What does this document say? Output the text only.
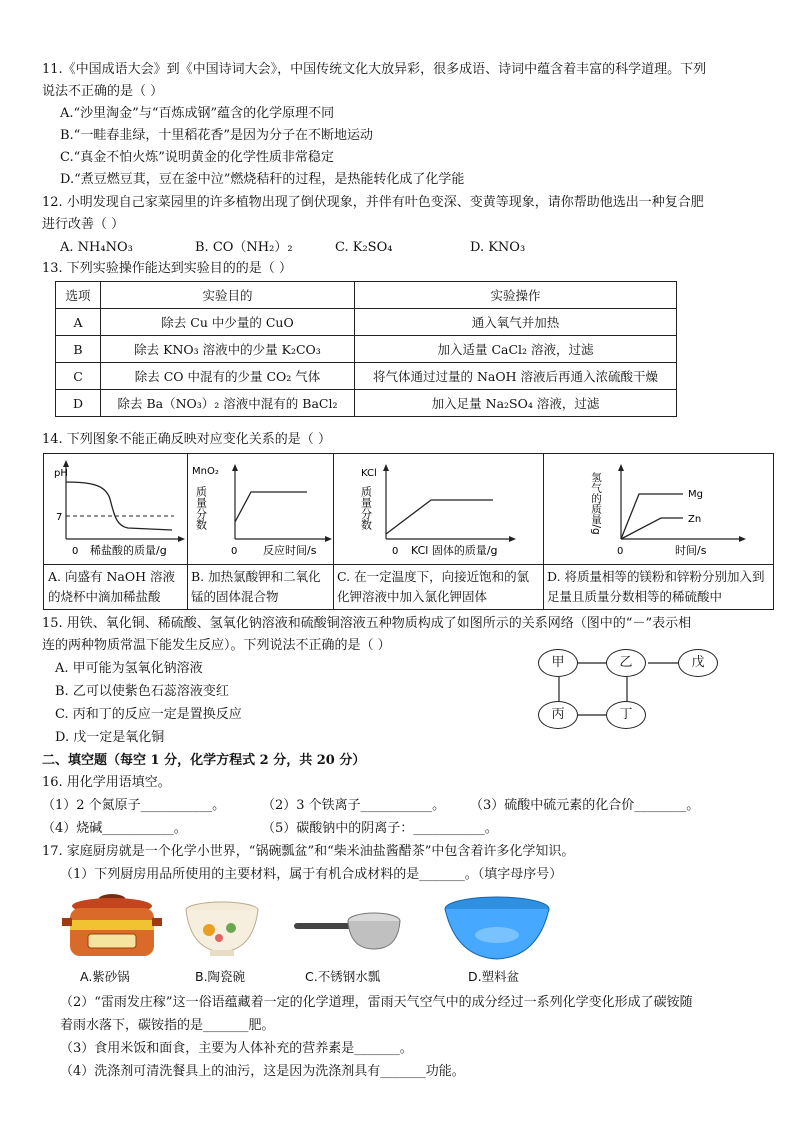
11.《中国成语大会》到《中国诗词大会》，中国传统文化大放异彩，很多成语、诗词中蕴含着丰富的科学道理。下列
说法不正确的是（ ）
A.“沙里淘金”与“百炼成钢”蕴含的化学原理不同
B.“一畦春韭绿，十里稻花香”是因为分子在不断地运动
C.“真金不怕火炼”说明黄金的化学性质非常稳定
D.“煮豆燃豆萁，豆在釜中泣”燃烧秸秆的过程，是热能转化成了化学能
12. 小明发现自己家菜园里的许多植物出现了倒伏现象，并伴有叶色变深、变黄等现象，请你帮助他选出一种复合肥
进行改善（ ）
A. NH₄NO₃	B. CO（NH₂）₂	C. K₂SO₄	D. KNO₃
13. 下列实验操作能达到实验目的的是（ ）
选项	实验目的	实验操作
A	除去 Cu 中少量的 CuO	通入氧气并加热
B	除去 KNO₃ 溶液中的少量 K₂CO₃	加入适量 CaCl₂ 溶液，过滤
C	除去 CO 中混有的少量 CO₂ 气体	将气体通过过量的 NaOH 溶液后再通入浓硫酸干燥
D	除去 Ba（NO₃）₂ 溶液中混有的 BaCl₂	加入足量 Na₂SO₄ 溶液，过滤
14. 下列图象不能正确反映对应变化关系的是（ ）
pH
7
0 稀盐酸的质量/g
A. 向盛有 NaOH 溶液的烧杯中滴加稀盐酸
MnO₂
质量分数
0 反应时间/s
B. 加热氯酸钾和二氧化锰的固体混合物
KCl
质量分数
0 KCl 固体的质量/g
C. 在一定温度下，向接近饱和的氯化钾溶液中加入氯化钾固体
氢气的质量/g	Mg
Zn
0	时间/s
D. 将质量相等的镁粉和锌粉分别加入到足量且质量分数相等的稀硫酸中
15. 用铁、氧化铜、稀硫酸、氢氧化钠溶液和硫酸铜溶液五种物质构成了如图所示的关系网络（图中的“－”表示相
连的两种物质常温下能发生反应）。下列说法不正确的是（ ）
A. 甲可能为氢氧化钠溶液
B. 乙可以使紫色石蕊溶液变红
C. 丙和丁的反应一定是置换反应
D. 戊一定是氧化铜
甲	乙	戊
丙	丁
二、填空题（每空 1 分，化学方程式 2 分，共 20 分）
16. 用化学用语填空。
（1）2 个氮原子___________。	（2）3 个铁离子___________。 （3）硫酸中硫元素的化合价________。
（4）烧碱___________。	（5）碳酸钠中的阴离子：___________。
17. 家庭厨房就是一个化学小世界，“锅碗瓢盆”和“柴米油盐酱醋茶”中包含着许多化学知识。
（1）下列厨房用品所使用的主要材料，属于有机合成材料的是_______。（填字母序号）
A.紫砂锅	B.陶瓷碗	C.不锈钢水瓢	D.塑料盆
（2）“雷雨发庄稼”这一俗语蕴藏着一定的化学道理，雷雨天气空气中的成分经过一系列化学变化形成了碳铵随
着雨水落下，碳铵指的是_______肥。
（3）食用米饭和面食，主要为人体补充的营养素是_______。
（4）洗涤剂可清洗餐具上的油污，这是因为洗涤剂具有_______功能。
